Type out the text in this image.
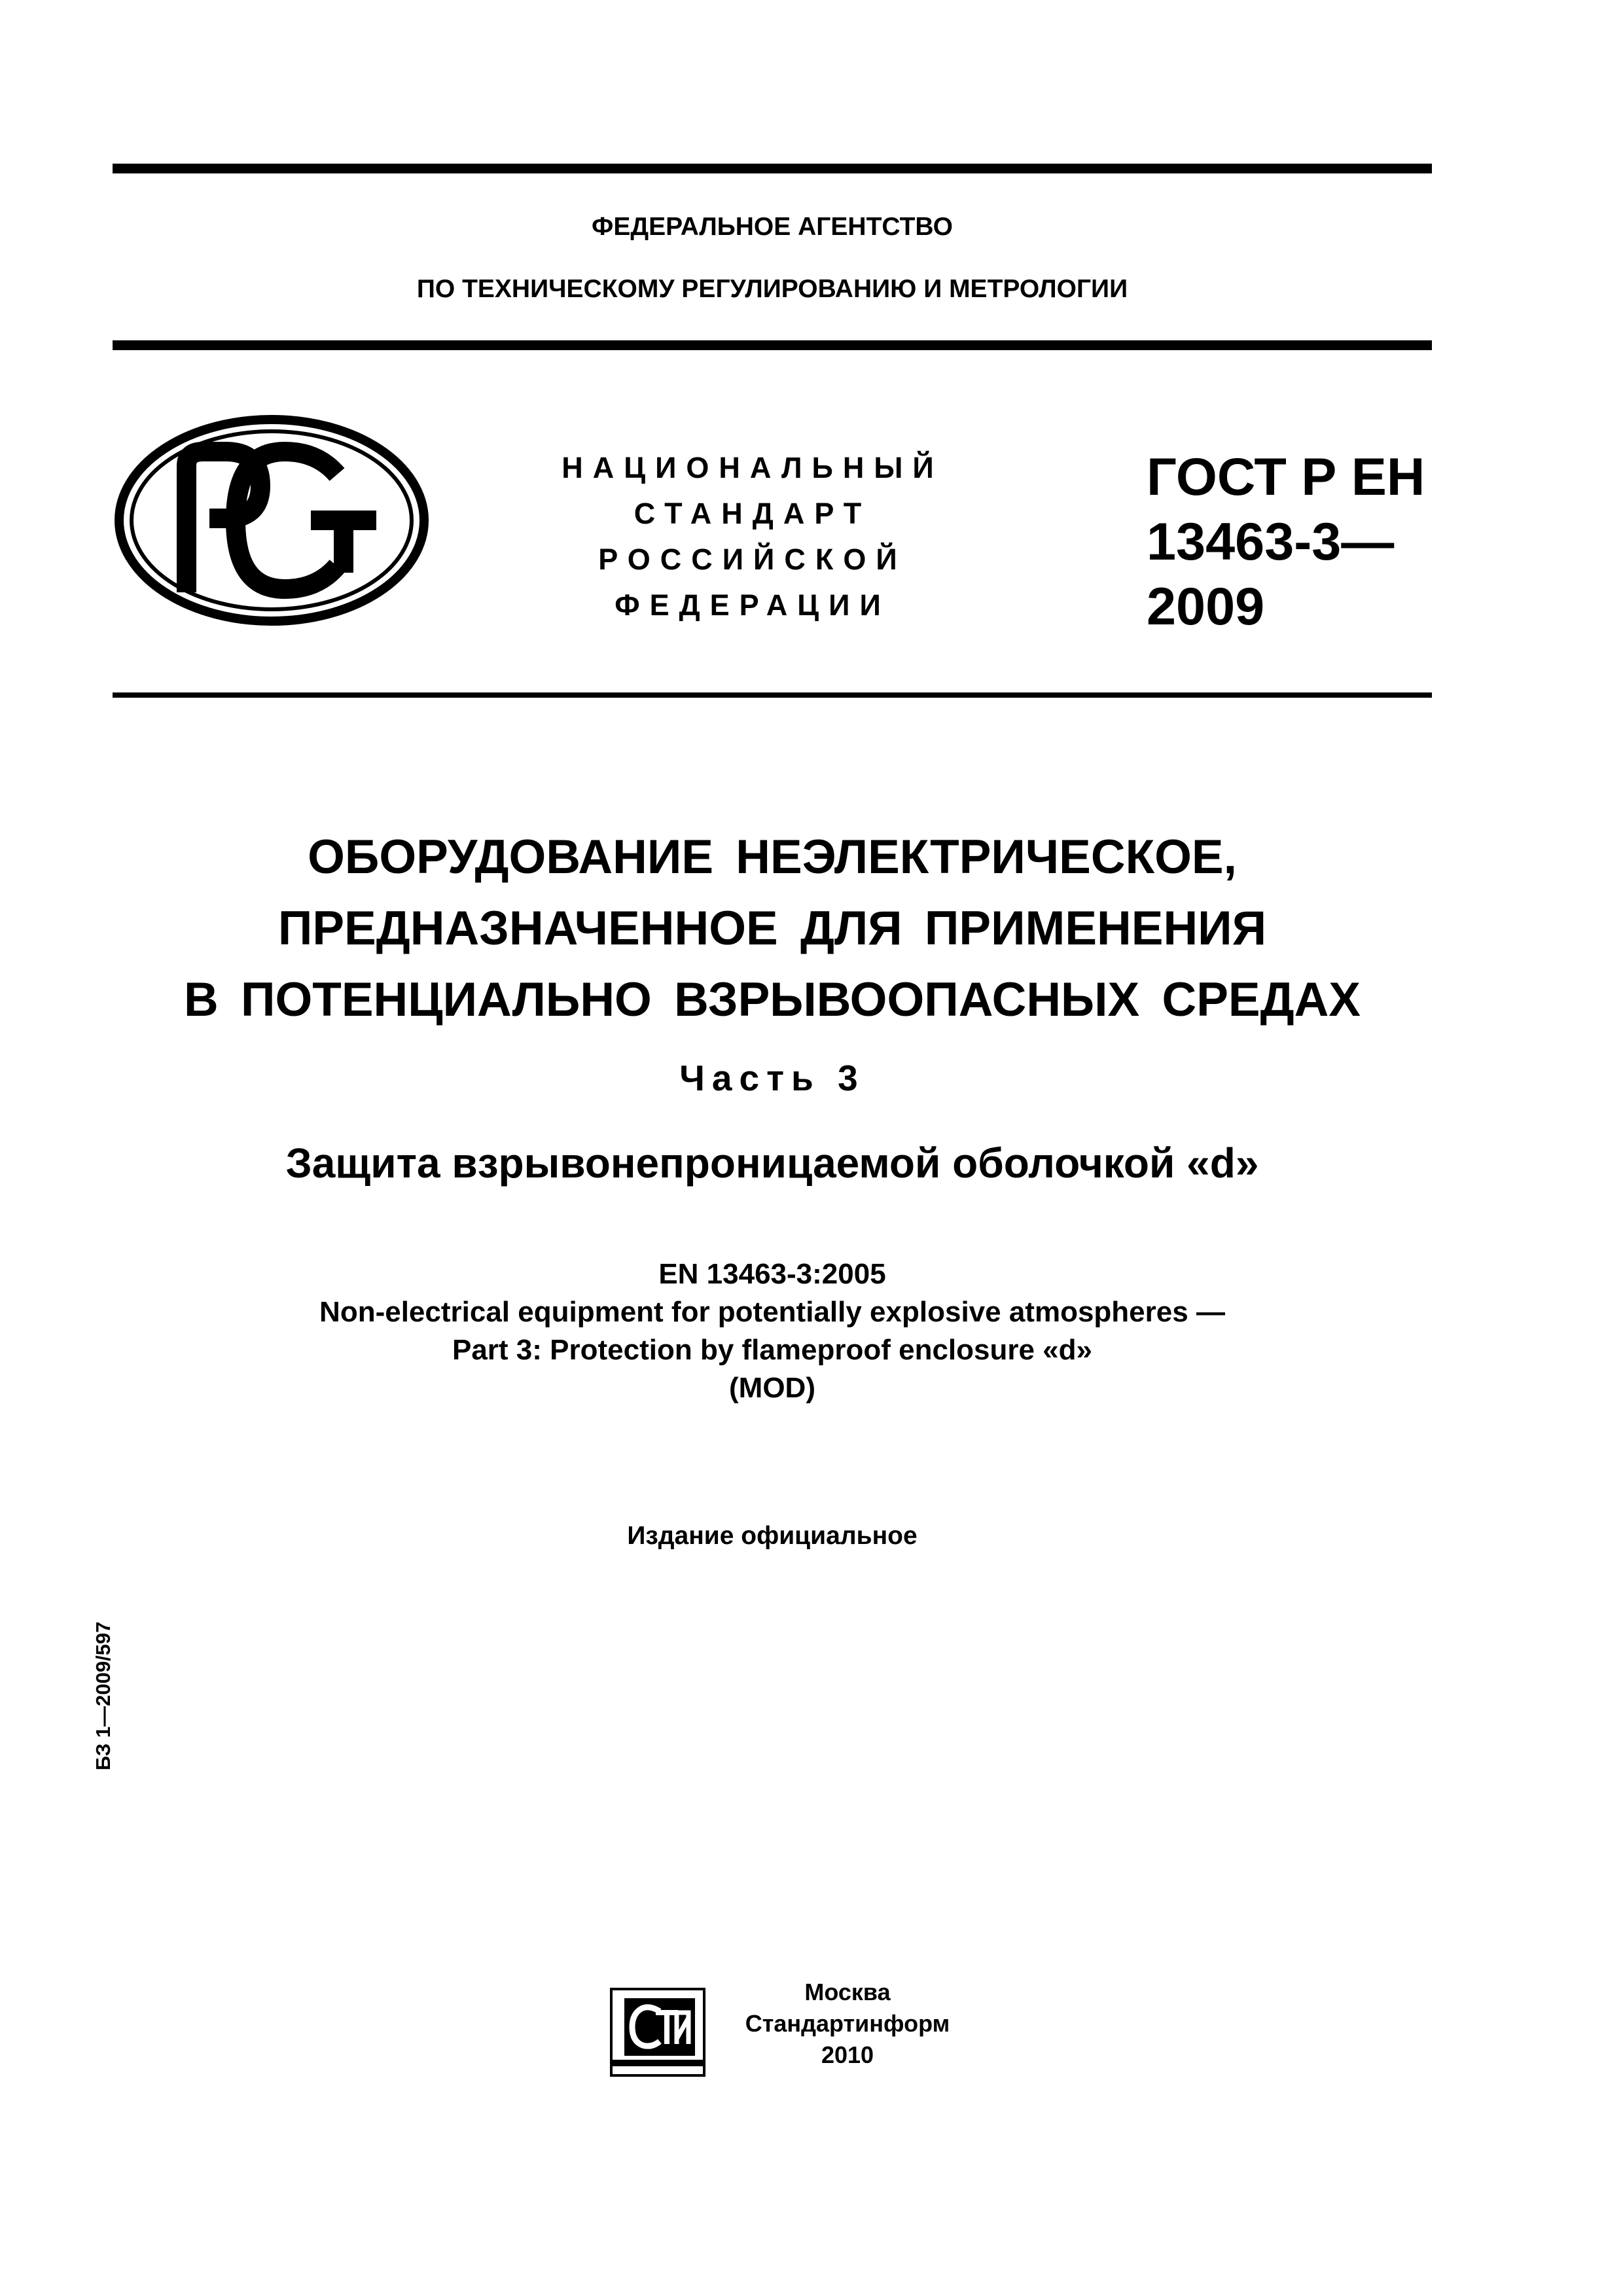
ФЕДЕРАЛЬНОЕ АГЕНТСТВО
ПО ТЕХНИЧЕСКОМУ РЕГУЛИРОВАНИЮ И МЕТРОЛОГИИ
НАЦИОНАЛЬНЫЙ
СТАНДАРТ
РОССИЙСКОЙ
ФЕДЕРАЦИИ
ГОСТ Р ЕН
13463-3—
2009
ОБОРУДОВАНИЕ НЕЭЛЕКТРИЧЕСКОЕ,
ПРЕДНАЗНАЧЕННОЕ ДЛЯ ПРИМЕНЕНИЯ
В ПОТЕНЦИАЛЬНО ВЗРЫВООПАСНЫХ СРЕДАХ
Часть 3
Защита взрывонепроницаемой оболочкой «d»
EN 13463-3:2005
Non-electrical equipment for potentially explosive atmospheres —
Part 3: Protection by flameproof enclosure «d»
(MOD)
Издание официальное
БЗ 1—2009/597
Москва
Стандартинформ
2010
